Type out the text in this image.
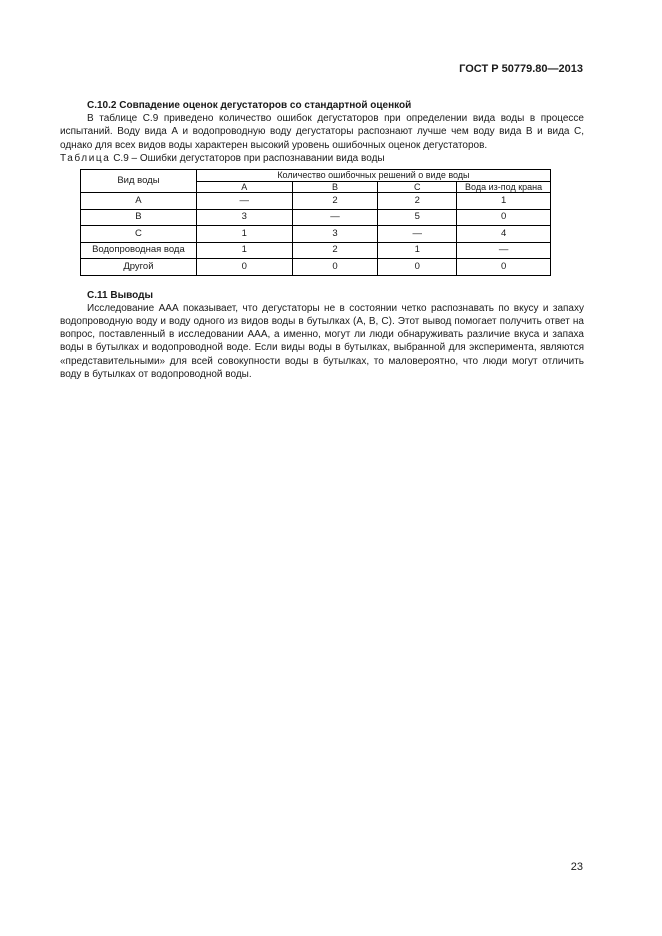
ГОСТ Р 50779.80—2013
С.10.2 Совпадение оценок дегустаторов со стандартной оценкой

В таблице С.9 приведено количество ошибок дегустаторов при определении вида воды в процессе испытаний. Воду вида А и водопроводную воду дегустаторы распознают лучше чем воду вида В и вида С, однако для всех видов воды характерен высокий уровень ошибочных оценок дегустаторов.

Таблица С.9 – Ошибки дегустаторов при распознавании вида воды

Вид воды	Количество ошибочных решений о виде воды			
	А	В	С	Вода из-под крана
А	—	2	2	1
В	3	—	5	0
С	1	3	—	4
Водопроводная вода	1	2	1	—
Другой	0	0	0	0
С.11 Выводы

Исследование ААА показывает, что дегустаторы не в состоянии четко распознавать по вкусу и запаху водопроводную воду и воду одного из видов воды в бутылках (А, В, С). Этот вывод помогает получить ответ на вопрос, поставленный в исследовании ААА, а именно, могут ли люди обнаруживать различие вкуса и запаха воды в бутылках и водопроводной воде. Если виды воды в бутылках, выбранной для эксперимента, являются «представительными» для всей совокупности воды в бутылках, то маловероятно, что люди могут отличить воду в бутылках от водопроводной воды.

23
